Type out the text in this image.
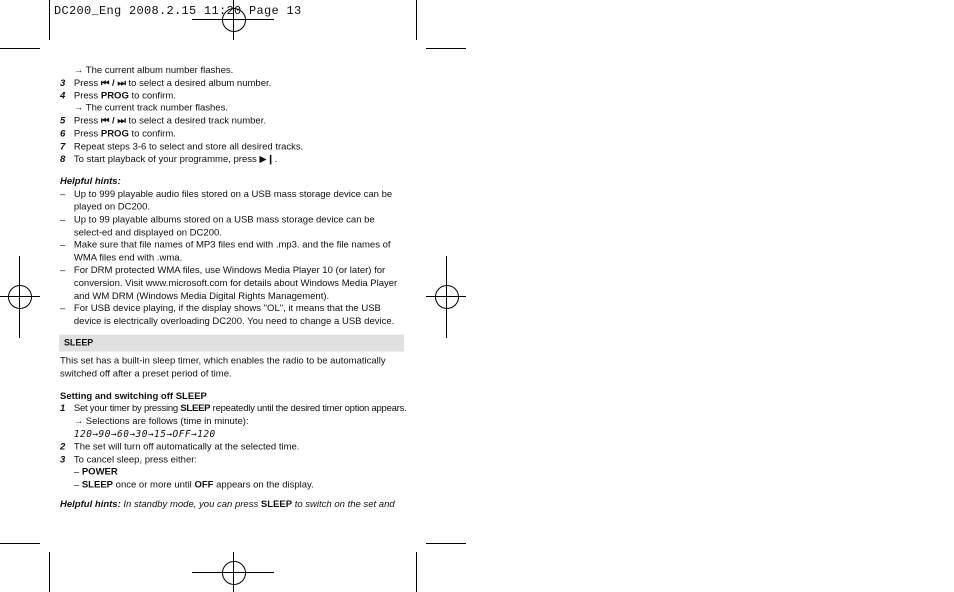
DC200_Eng 2008.2.15 11:20 Page 13
→ The current album number flashes.
3 Press ⏮ / ⏭ to select a desired album number.
4 Press PROG to confirm.
→ The current track number flashes.
5 Press ⏮ / ⏭ to select a desired track number.
6 Press PROG to confirm.
7 Repeat steps 3-6 to select and store all desired tracks.
8 To start playback of your programme, press ▶❙.
Helpful hints:
– Up to 999 playable audio files stored on a USB mass storage device can be played on DC200.
– Up to 99 playable albums stored on a USB mass storage device can be select-ed and displayed on DC200.
– Make sure that file names of MP3 files end with .mp3. and the file names of WMA files end with .wma.
– For DRM protected WMA files, use Windows Media Player 10 (or later) for conversion. Visit www.microsoft.com for details about Windows Media Player and WM DRM (Windows Media Digital Rights Management).
– For USB device playing, if the display shows "OL", it means that the USB device is electrically overloading DC200. You need to change a USB device.
SLEEP
This set has a built-in sleep timer, which enables the radio to be automatically switched off after a preset period of time.
Setting and switching off SLEEP
1 Set your timer by pressing SLEEP repeatedly until the desired timer option appears.
→ Selections are follows (time in minute):
120→90→60→30→15→OFF→120
2 The set will turn off automatically at the selected time.
3 To cancel sleep, press either:
– POWER
– SLEEP once or more until OFF appears on the display.
Helpful hints: In standby mode, you can press SLEEP to switch on the set and
